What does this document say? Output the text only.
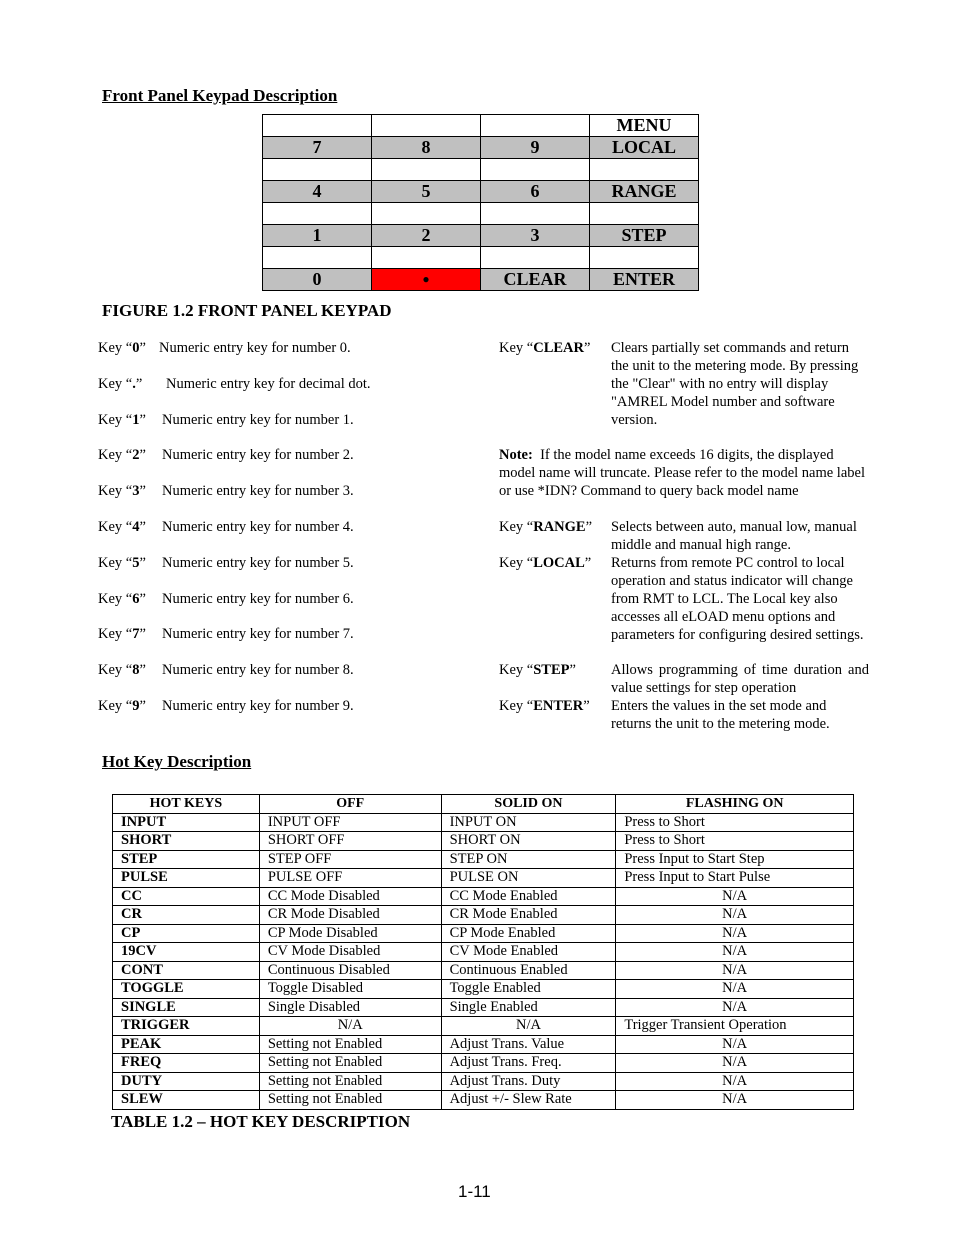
Front Panel Keypad Description
			MENU
7	8	9	LOCAL

4	5	6	RANGE

1	2	3	STEP

0	●	CLEAR	ENTER
FIGURE 1.2 FRONT PANEL KEYPAD
Key “0” Numeric entry key for number 0.
Key “.” Numeric entry key for decimal dot.
Key “1” Numeric entry key for number 1.
Key “2” Numeric entry key for number 2.
Key “3” Numeric entry key for number 3.
Key “4” Numeric entry key for number 4.
Key “5” Numeric entry key for number 5.
Key “6” Numeric entry key for number 6.
Key “7” Numeric entry key for number 7.
Key “8” Numeric entry key for number 8.
Key “9” Numeric entry key for number 9.
Key “CLEAR” Clears partially set commands and return the unit to the metering mode. By pressing the "Clear" with no entry will display "AMREL Model number and software version.
Note: If the model name exceeds 16 digits, the displayed model name will truncate. Please refer to the model name label or use *IDN? Command to query back model name
Key “RANGE” Selects between auto, manual low, manual middle and manual high range.
Key “LOCAL” Returns from remote PC control to local operation and status indicator will change from RMT to LCL. The Local key also accesses all eLOAD menu options and parameters for configuring desired settings.
Key “STEP” Allows programming of time duration and value settings for step operation
Key “ENTER” Enters the values in the set mode and returns the unit to the metering mode.
Hot Key Description
HOT KEYS	OFF	SOLID ON	FLASHING ON
INPUT	INPUT OFF	INPUT ON	Press to Short
SHORT	SHORT OFF	SHORT ON	Press to Short
STEP	STEP OFF	STEP ON	Press Input to Start Step
PULSE	PULSE OFF	PULSE ON	Press Input to Start Pulse
CC	CC Mode Disabled	CC Mode Enabled	N/A
CR	CR Mode Disabled	CR Mode Enabled	N/A
CP	CP Mode Disabled	CP Mode Enabled	N/A
19CV	CV Mode Disabled	CV Mode Enabled	N/A
CONT	Continuous Disabled	Continuous Enabled	N/A
TOGGLE	Toggle Disabled	Toggle Enabled	N/A
SINGLE	Single Disabled	Single Enabled	N/A
TRIGGER	N/A	N/A	Trigger Transient Operation
PEAK	Setting not Enabled	Adjust Trans. Value	N/A
FREQ	Setting not Enabled	Adjust Trans. Freq.	N/A
DUTY	Setting not Enabled	Adjust Trans. Duty	N/A
SLEW	Setting not Enabled	Adjust +/- Slew Rate	N/A
TABLE 1.2 – HOT KEY DESCRIPTION
1-11
